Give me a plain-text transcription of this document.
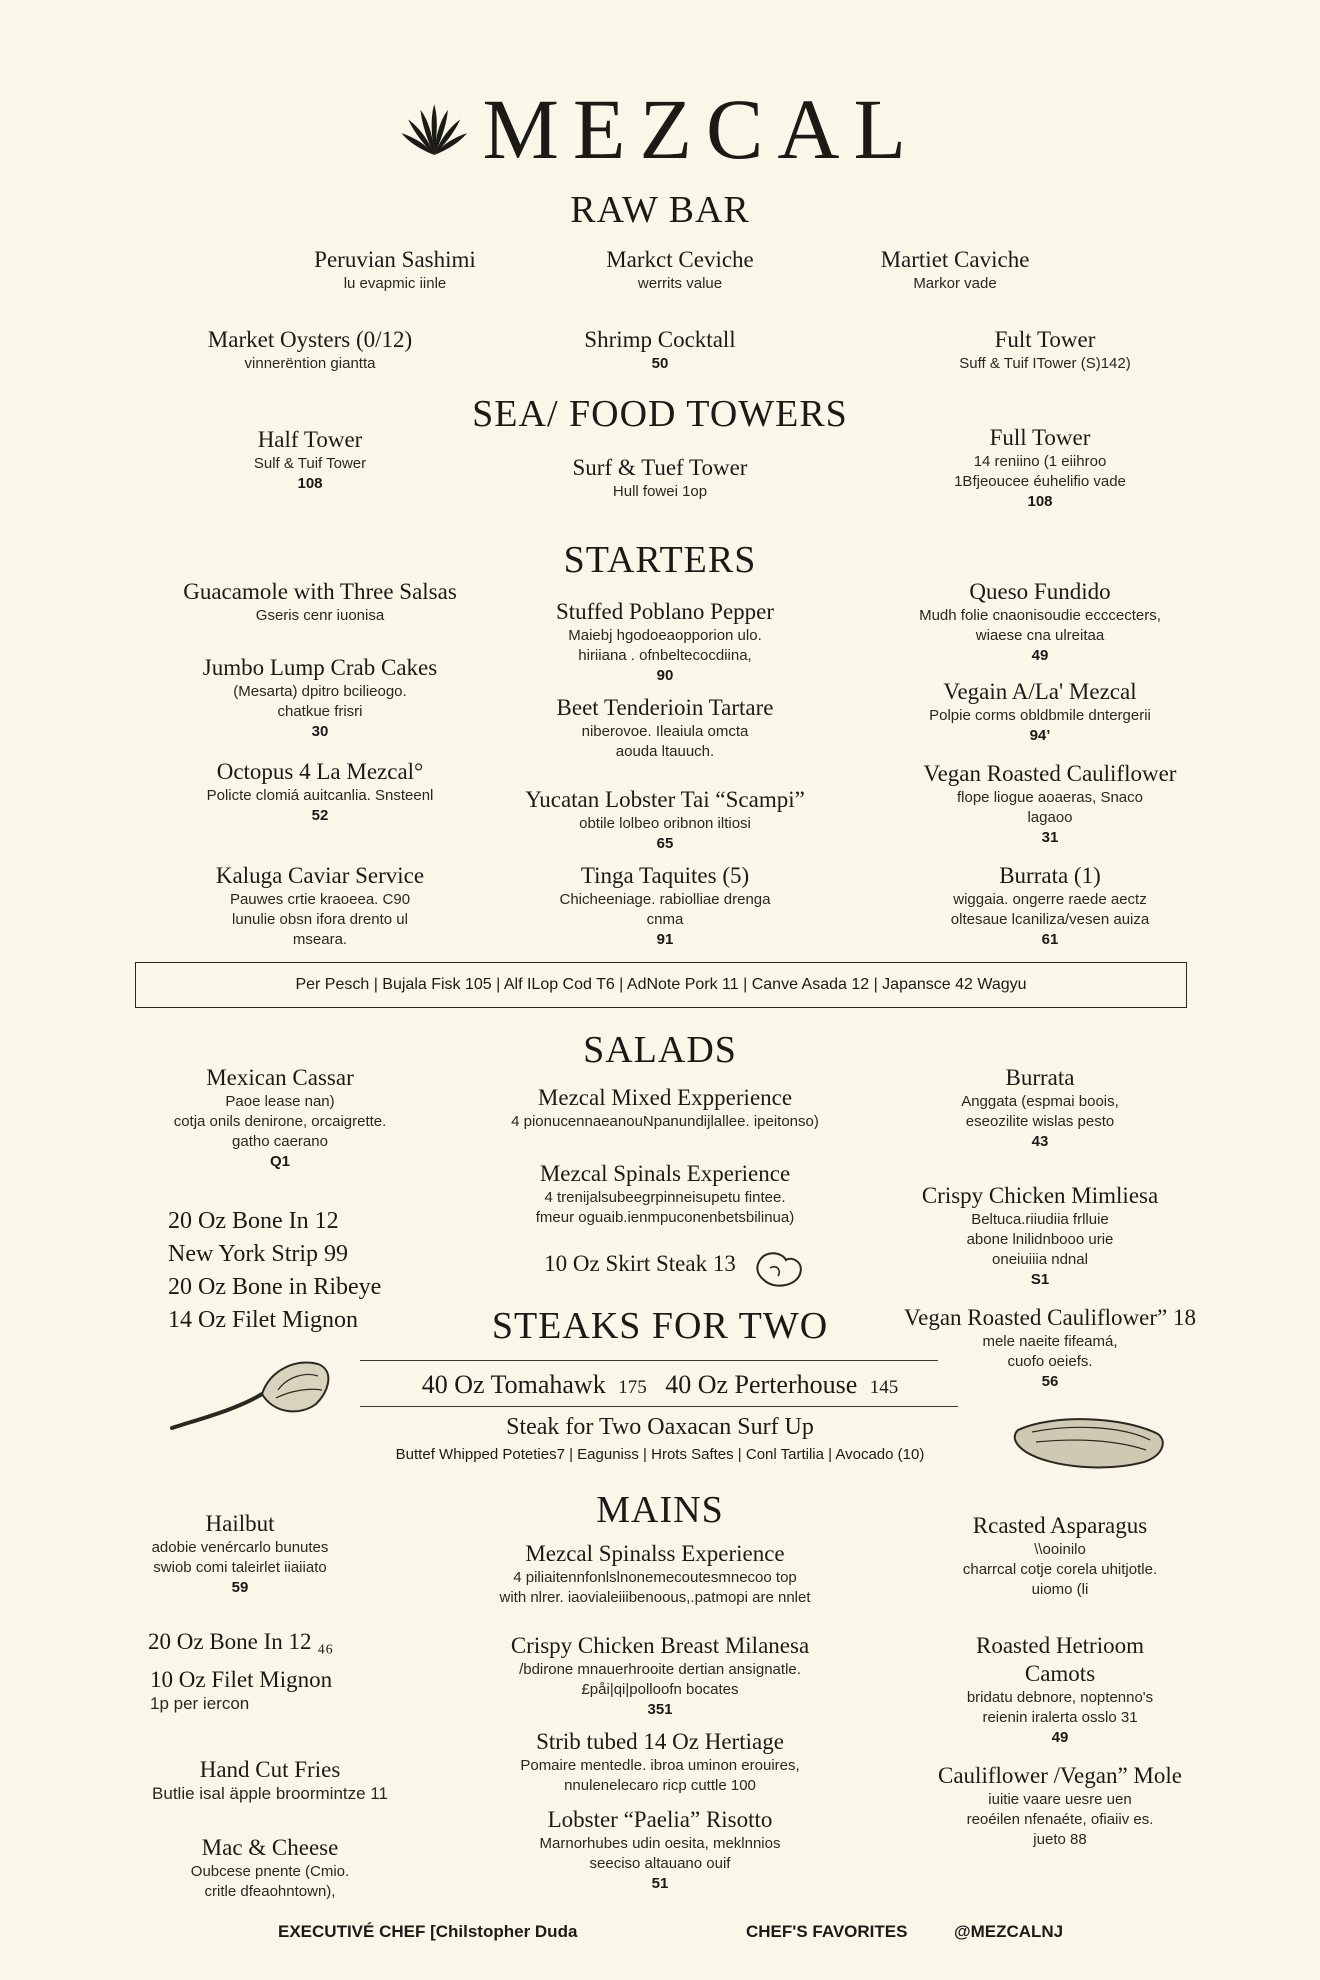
MEZCAL
RAW BAR
Peruvian Sashimi
lu evapmic iinle
Markct Ceviche
werrits value
Martiet Caviche
Markor vade
Market Oysters (0/12)
vinnerëntion giantta
Shrimp Cocktall
50
Fult Tower
Suff & Tuif ITower (S)142)
SEA/ FOOD TOWERS
Half Tower
Sulf & Tuif Tower
108
Surf & Tuef Tower
Hull fowei 1op
Full Tower
14 reniino (1 eiihroo
1Bfjeoucee éuhelifio vade
108
STARTERS
Guacamole with Three Salsas
Gseris cenr iuonisa
Jumbo Lump Crab Cakes
(Mesarta) dpitro bcilieogo.
chatkue frisri
30
Octopus 4 La Mezcal°
Policte clomiá auitcanlia. Snsteenl
52
Kaluga Caviar Service
Pauwes crtie kraoeea. C90
lunulie obsn ifora drento ul
mseara.
Stuffed Poblano Pepper
Maiebj hgodoeaopporion ulo.
hiriiana . ofnbeltecocdiina,
90
Beet Tenderioin Tartare
niberovoe. Ileaiula omcta
aouda ltauuch.
Yucatan Lobster Tai “Scampi”
obtile lolbeo oribnon iltiosi
65
Tinga Taquites (5)
Chicheeniage. rabiolliae drenga
cnma
91
Queso Fundido
Mudh folie cnaonisoudie ecccecters,
wiaese cna ulreitaa
49
Vegain A/La' Mezcal
Polpie corms obldbmile dntergerii
94’
Vegan Roasted Cauliflower
flope liogue aoaeras, Snaco
lagaoo
31
Burrata (1)
wiggaia. ongerre raede aectz
oltesaue lcaniliza/vesen auiza
61
Per Pesch | Bujala Fisk 105 | Alf ILop Cod T6 | AdNote Pork 11 | Canve Asada 12 | Japansce 42 Wagyu
SALADS
Mexican Cassar
Paoe lease nan)
cotja onils denirone, orcaigrette.
gatho caerano
Q1
Mezcal Mixed Expperience
4 pionucennaeanouNpanundijlallee. ipeitonso)
Mezcal Spinals Experience
4 trenijalsubeegrpinneisupetu fintee.
fmeur oguaib.ienmpuconenbetsbilinua)
10 Oz Skirt Steak 13
Burrata
Anggata (espmai boois,
eseozilite wislas pesto
43
Crispy Chicken Mimliesa
Beltuca.riiudiia frlluie
abone lnilidnbooo urie
oneiuiiia ndnal
S1
Vegan Roasted Cauliflower” 18
mele naeite fifeamá,
cuofo oeiefs.
56
20 Oz Bone In 12
New York Strip 99
20 Oz Bone in Ribeye
14 Oz Filet Mignon	STEAKS FOR TWO
40 Oz Tomahawk 175 40 Oz Perterhouse 145
Steak for Two Oaxacan Surf Up
Buttef Whipped Poteties7 | Eaguniss | Hrots Saftes | Conl Tartilia | Avocado (10)
MAINS
Hailbut
adobie venércarlo bunutes
swiob comi taleirlet iiaiiato
59
20 Oz Bone In 12 ₄₆
10 Oz Filet Mignon
1p per iercon
Hand Cut Fries
Butlie isal äpple broormintze 11
Mac & Cheese
Oubcese pnente (Cmio.
critle dfeaohntown),
Mezcal Spinalss Experience
4 piliaitennfonlslnonemecoutesmnecoo top
with nlrer. iaovialeiiibenoous,.patmopi are nnlet
Crispy Chicken Breast Milanesa
/bdirone mnauerhrooite dertian ansignatle.
£påi|qi|polloofn bocates
351
Strib tubed 14 Oz Hertiage
Pomaire mentedle. ibroa uminon erouires,
nnulenelecaro ricp cuttle 100
Lobster “Paelia” Risotto
Marnorhubes udin oesita, meklnnios
seeciso altauano ouif
51
Rcasted Asparagus
\\ooinilo
charrcal cotje corela uhitjotle.
uiomo (li
Roasted Hetrioom
Camots
bridatu debnore, noptenno's
reienin iralerta osslo 31
49
Cauliflower /Vegan” Mole
iuitie vaare uesre uen
reoéilen nfenaéte, ofiaiiv es.
jueto 88
EXECUTIVÉ CHEF [Chilstopher Duda	CHEF'S FAVORITES	@MEZCALNJ
